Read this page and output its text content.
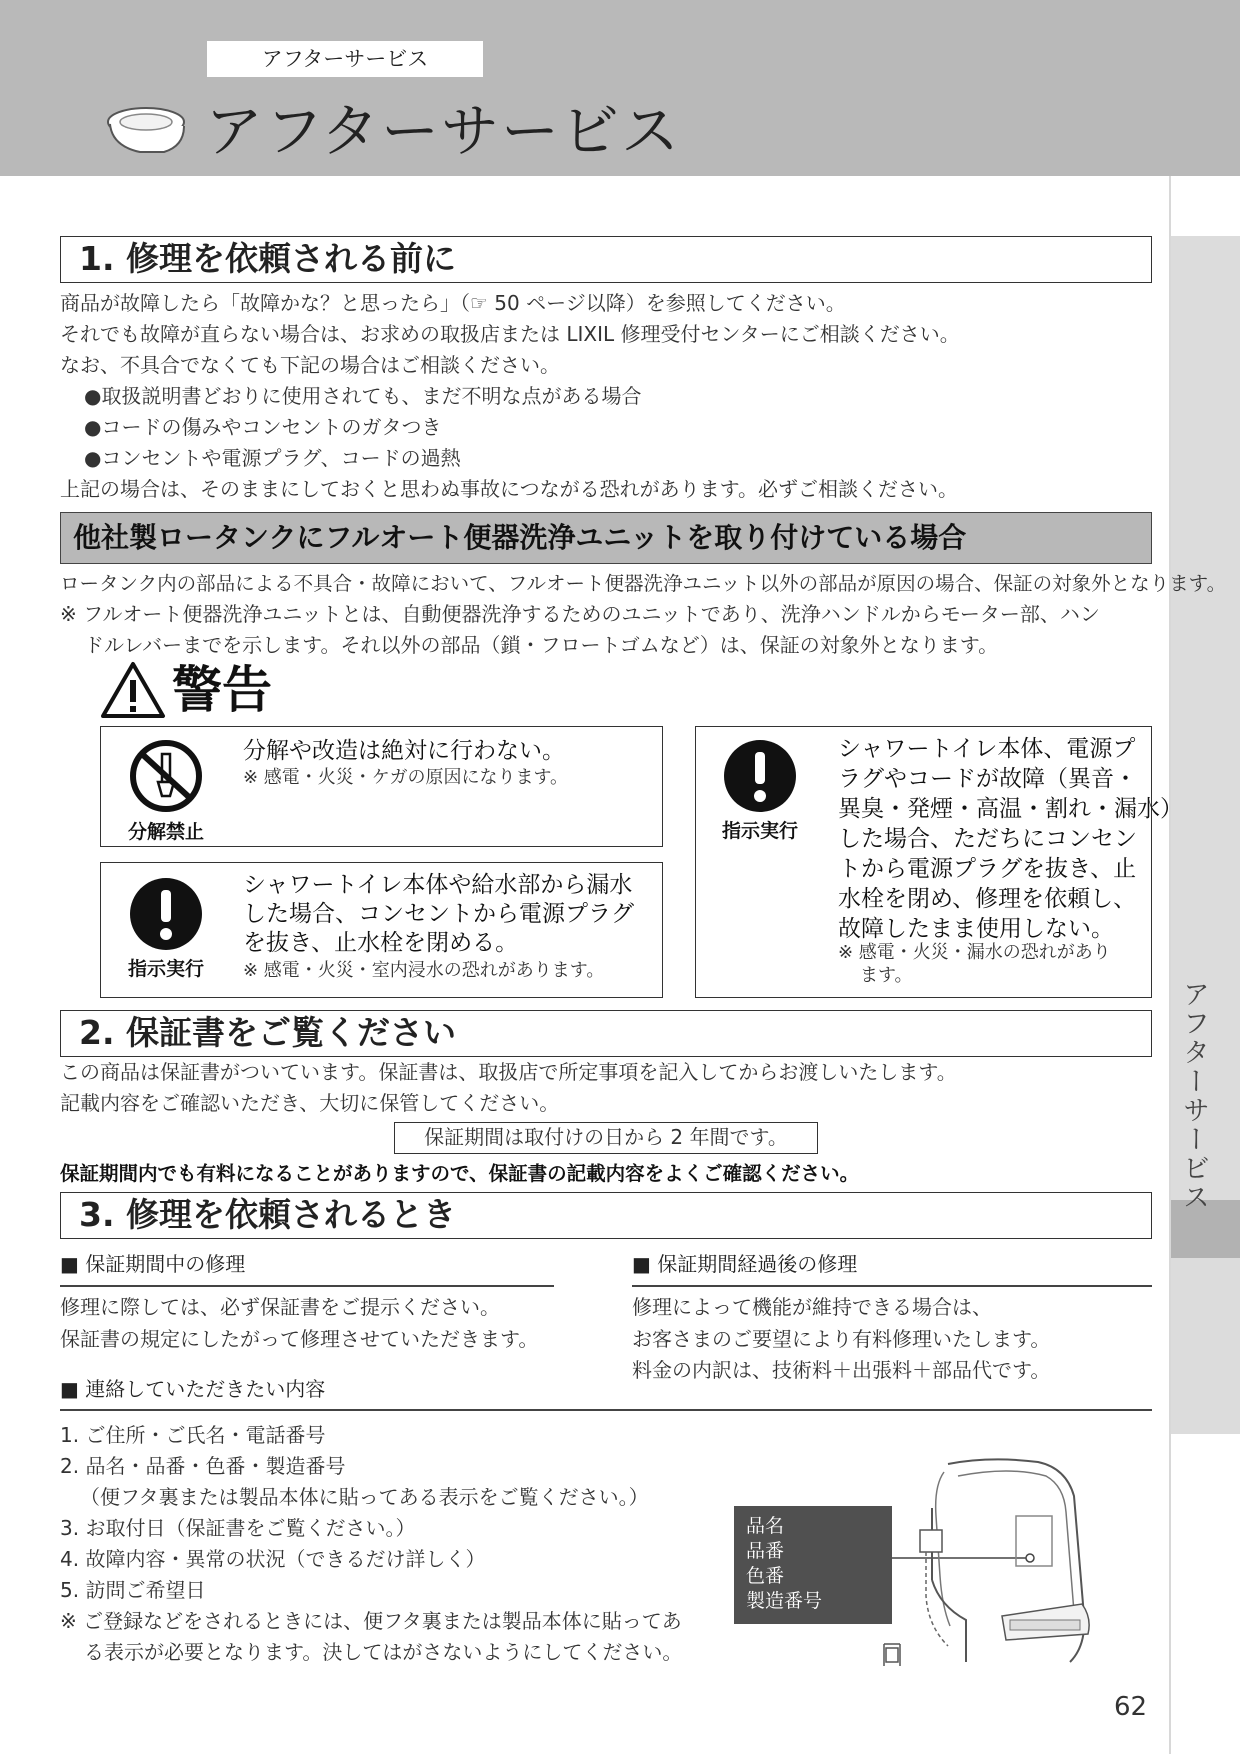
アフターサービス
アフターサービス
アフターサービス
1. 修理を依頼される前に
商品が故障したら「故障かな？と思ったら」（☞ 50 ページ以降）を参照してください。
それでも故障が直らない場合は、お求めの取扱店または LIXIL 修理受付センターにご相談ください。
なお、不具合でなくても下記の場合はご相談ください。
●取扱説明書どおりに使用されても、まだ不明な点がある場合
●コードの傷みやコンセントのガタつき
●コンセントや電源プラグ、コードの過熱
上記の場合は、そのままにしておくと思わぬ事故につながる恐れがあります。必ずご相談ください。
他社製ロータンクにフルオート便器洗浄ユニットを取り付けている場合
ロータンク内の部品による不具合・故障において、フルオート便器洗浄ユニット以外の部品が原因の場合、保証の対象外となります。
※ フルオート便器洗浄ユニットとは、自動便器洗浄するためのユニットであり、洗浄ハンドルからモーター部、ハン
ドルレバーまでを示します。それ以外の部品（鎖・フロートゴムなど）は、保証の対象外となります。
警告
分解禁止
分解や改造は絶対に行わない。
※ 感電・火災・ケガの原因になります。
指示実行
シャワートイレ本体や給水部から漏水
した場合、コンセントから電源プラグ
を抜き、止水栓を閉める。
※ 感電・火災・室内浸水の恐れがあります。
指示実行
シャワートイレ本体、電源プ
ラグやコードが故障（異音・
異臭・発煙・高温・割れ・漏水）
した場合、ただちにコンセン
トから電源プラグを抜き、止
水栓を閉め、修理を依頼し、
故障したまま使用しない。
※ 感電・火災・漏水の恐れがあり
ます。
2. 保証書をご覧ください
この商品は保証書がついています。保証書は、取扱店で所定事項を記入してからお渡しいたします。
記載内容をご確認いただき、大切に保管してください。
保証期間は取付けの日から 2 年間です。
保証期間内でも有料になることがありますので、保証書の記載内容をよくご確認ください。
3. 修理を依頼されるとき
■ 保証期間中の修理
修理に際しては、必ず保証書をご提示ください。
保証書の規定にしたがって修理させていただきます。
■ 保証期間経過後の修理
修理によって機能が維持できる場合は、
お客さまのご要望により有料修理いたします。
料金の内訳は、技術料＋出張料＋部品代です。
■ 連絡していただきたい内容
1. ご住所・ご氏名・電話番号
2. 品名・品番・色番・製造番号
（便フタ裏または製品本体に貼ってある表示をご覧ください。）
3. お取付日（保証書をご覧ください。）
4. 故障内容・異常の状況（できるだけ詳しく）
5. 訪問ご希望日
※ ご登録などをされるときには、便フタ裏または製品本体に貼ってあ
る表示が必要となります。決してはがさないようにしてください。
品名
品番
色番
製造番号
62
